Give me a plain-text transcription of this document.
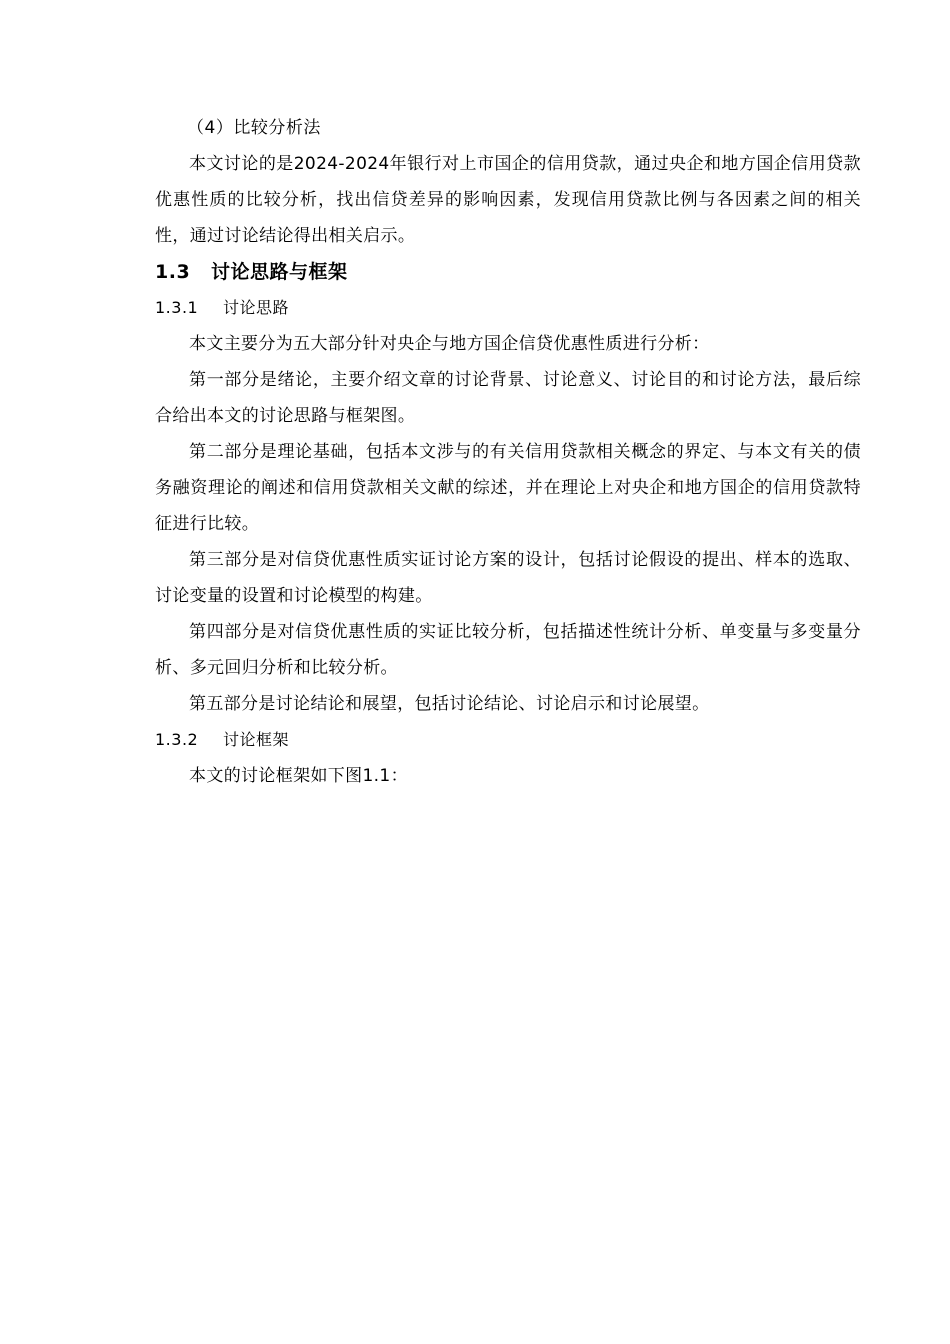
（4）比较分析法

本文讨论的是2024-2024年银行对上市国企的信用贷款，通过央企和地方国企信用贷款优惠性质的比较分析，找出信贷差异的影响因素，发现信用贷款比例与各因素之间的相关性，通过讨论结论得出相关启示。

1.3 讨论思路与框架

1.3.1 讨论思路

本文主要分为五大部分针对央企与地方国企信贷优惠性质进行分析：

第一部分是绪论，主要介绍文章的讨论背景、讨论意义、讨论目的和讨论方法，最后综合给出本文的讨论思路与框架图。

第二部分是理论基础，包括本文涉与的有关信用贷款相关概念的界定、与本文有关的债务融资理论的阐述和信用贷款相关文献的综述，并在理论上对央企和地方国企的信用贷款特征进行比较。

第三部分是对信贷优惠性质实证讨论方案的设计，包括讨论假设的提出、样本的选取、讨论变量的设置和讨论模型的构建。

第四部分是对信贷优惠性质的实证比较分析，包括描述性统计分析、单变量与多变量分析、多元回归分析和比较分析。

第五部分是讨论结论和展望，包括讨论结论、讨论启示和讨论展望。

1.3.2 讨论框架

本文的讨论框架如下图1.1：
